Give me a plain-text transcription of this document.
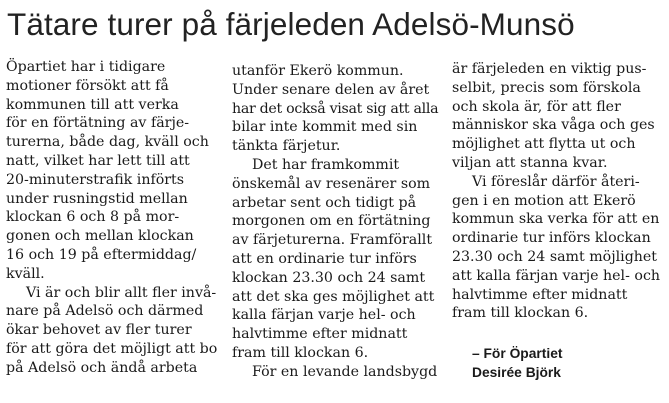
Tätare turer på färjeleden Adelsö-Munsö
Öpartiet har i tidigare
motioner försökt att få
kommunen till att verka
för en förtätning av färje-
turerna, både dag, kväll och
natt, vilket har lett till att
20-minuterstrafik införts
under rusningstid mellan
klockan 6 och 8 på mor-
gonen och mellan klockan
16 och 19 på eftermiddag/
kväll.
Vi är och blir allt fler invå-
nare på Adelsö och därmed
ökar behovet av fler turer
för att göra det möjligt att bo
på Adelsö och ändå arbeta
utanför Ekerö kommun.
Under senare delen av året
har det också visat sig att alla
bilar inte kommit med sin
tänkta färjetur.
Det har framkommit
önskemål av resenärer som
arbetar sent och tidigt på
morgonen om en förtätning
av färjeturerna. Framförallt
att en ordinarie tur införs
klockan 23.30 och 24 samt
att det ska ges möjlighet att
kalla färjan varje hel- och
halvtimme efter midnatt
fram till klockan 6.
För en levande landsbygd
är färjeleden en viktig pus-
selbit, precis som förskola
och skola är, för att fler
människor ska våga och ges
möjlighet att flytta ut och
viljan att stanna kvar.
Vi föreslår därför återi-
gen i en motion att Ekerö
kommun ska verka för att en
ordinarie tur införs klockan
23.30 och 24 samt möjlighet
att kalla färjan varje hel- och
halvtimme efter midnatt
fram till klockan 6.
– För Öpartiet
Desirée Björk
